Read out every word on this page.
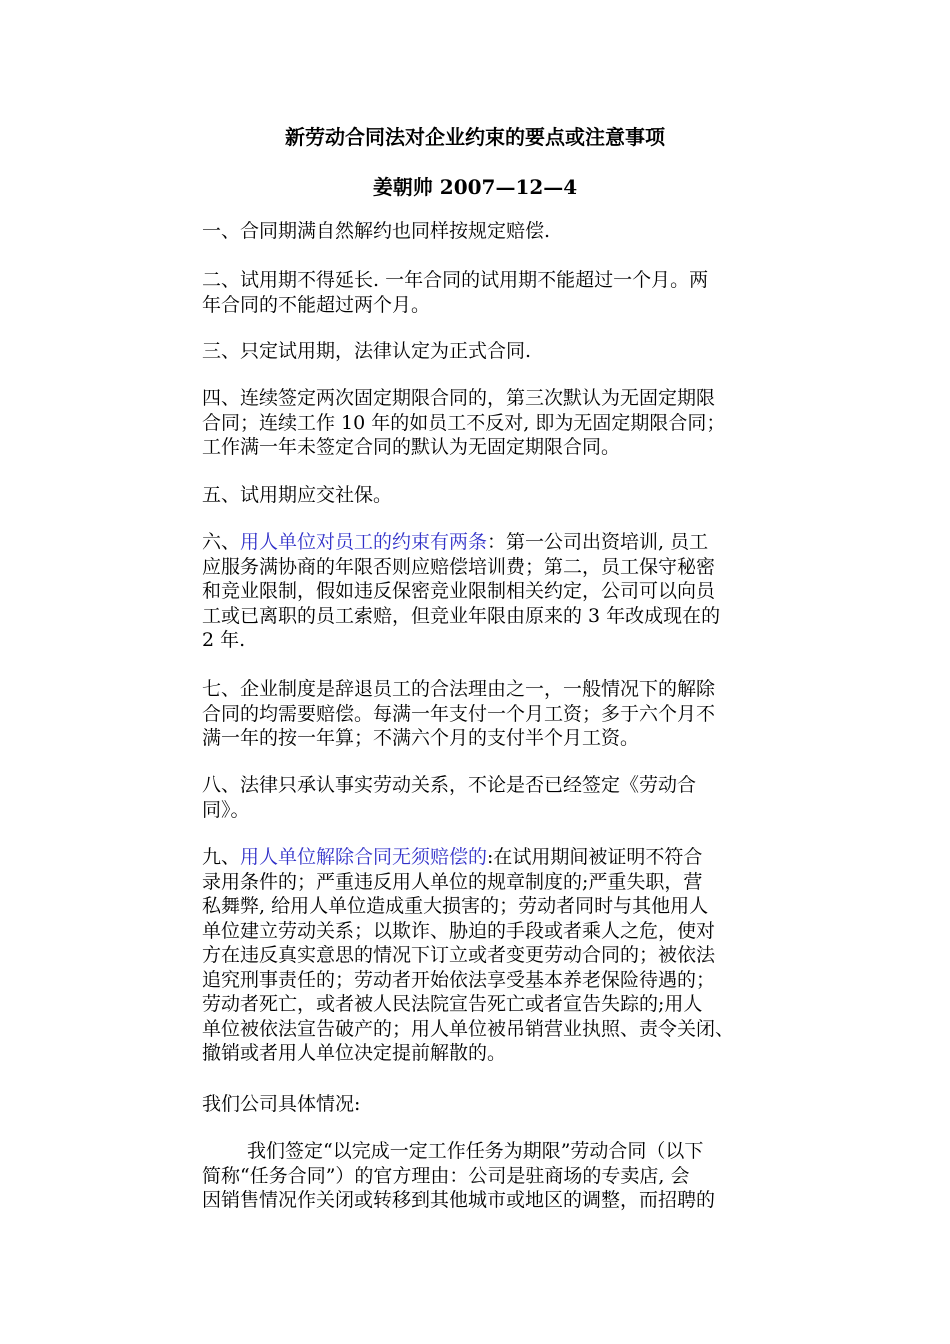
新劳动合同法对企业约束的要点或注意事项
姜朝帅 2007—12—4
一、合同期满自然解约也同样按规定赔偿.
二、试用期不得延长. 一年合同的试用期不能超过一个月。两
年合同的不能超过两个月。
三、只定试用期，法律认定为正式合同.
四、连续签定两次固定期限合同的，第三次默认为无固定期限
合同；连续工作 10 年的如员工不反对, 即为无固定期限合同；
工作满一年未签定合同的默认为无固定期限合同。
五、试用期应交社保。
六、用人单位对员工的约束有两条：第一公司出资培训, 员工
应服务满协商的年限否则应赔偿培训费；第二，员工保守秘密
和竞业限制，假如违反保密竞业限制相关约定，公司可以向员
工或已离职的员工索赔，但竞业年限由原来的 3 年改成现在的
2 年.
七、企业制度是辞退员工的合法理由之一，一般情况下的解除
合同的均需要赔偿。每满一年支付一个月工资；多于六个月不
满一年的按一年算；不满六个月的支付半个月工资。
八、法律只承认事实劳动关系，不论是否已经签定《劳动合
同》。
九、用人单位解除合同无须赔偿的:在试用期间被证明不符合
录用条件的；严重违反用人单位的规章制度的;严重失职，营
私舞弊, 给用人单位造成重大损害的；劳动者同时与其他用人
单位建立劳动关系；以欺诈、胁迫的手段或者乘人之危，使对
方在违反真实意思的情况下订立或者变更劳动合同的；被依法
追究刑事责任的；劳动者开始依法享受基本养老保险待遇的；
劳动者死亡，或者被人民法院宣告死亡或者宣告失踪的;用人
单位被依法宣告破产的；用人单位被吊销营业执照、责令关闭、
撤销或者用人单位决定提前解散的。
我们公司具体情况:
我们签定“以完成一定工作任务为期限”劳动合同（以下
简称“任务合同”）的官方理由：公司是驻商场的专卖店, 会
因销售情况作关闭或转移到其他城市或地区的调整，而招聘的
